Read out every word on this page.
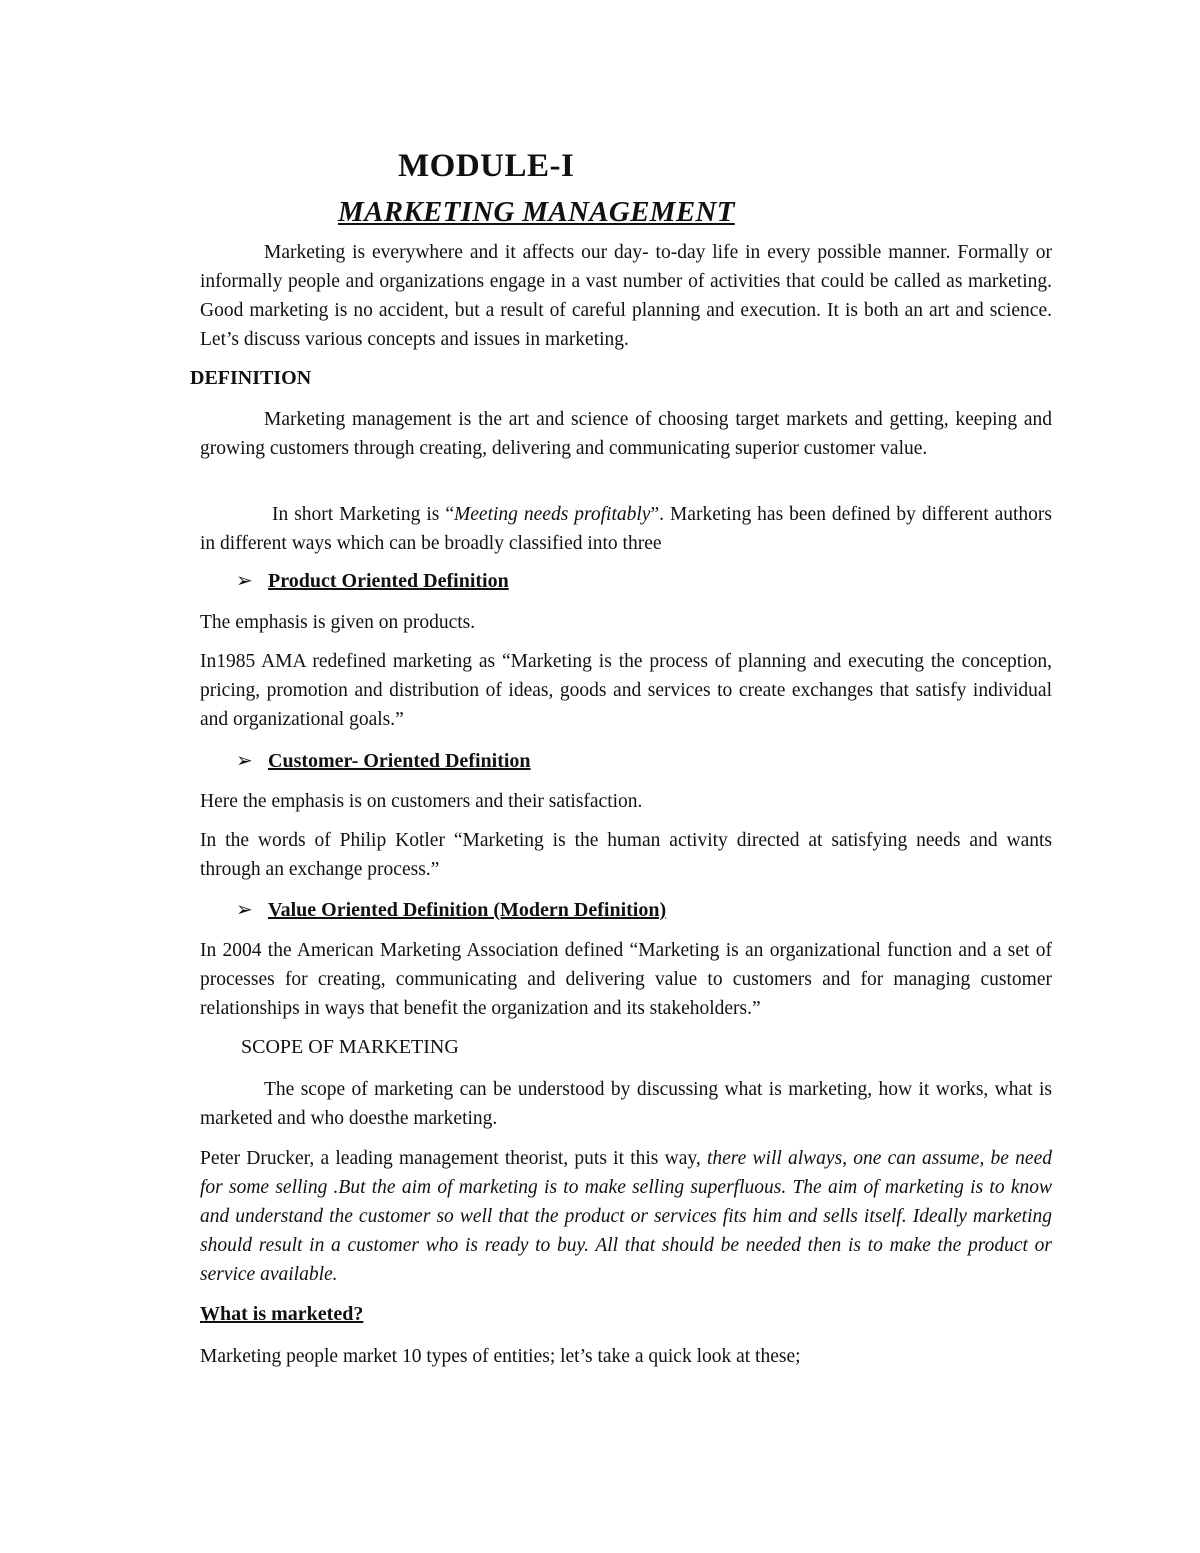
MODULE-I
MARKETING MANAGEMENT

Marketing is everywhere and it affects our day- to-day life in every possible manner. Formally or informally people and organizations engage in a vast number of activities that could be called as marketing. Good marketing is no accident, but a result of careful planning and execution. It is both an art and science. Let’s discuss various concepts and issues in marketing.

DEFINITION

Marketing management is the art and science of choosing target markets and getting, keeping and growing customers through creating, delivering and communicating superior customer value.

In short Marketing is “Meeting needs profitably”. Marketing has been defined by different authors in different ways which can be broadly classified into three

➢ Product Oriented Definition

The emphasis is given on products.

In1985 AMA redefined marketing as “Marketing is the process of planning and executing the conception, pricing, promotion and distribution of ideas, goods and services to create exchanges that satisfy individual and organizational goals.”

➢ Customer- Oriented Definition

Here the emphasis is on customers and their satisfaction.

In the words of Philip Kotler “Marketing is the human activity directed at satisfying needs and wants through an exchange process.”

➢ Value Oriented Definition (Modern Definition)

In 2004 the American Marketing Association defined “Marketing is an organizational function and a set of processes for creating, communicating and delivering value to customers and for managing customer relationships in ways that benefit the organization and its stakeholders.”

SCOPE OF MARKETING

The scope of marketing can be understood by discussing what is marketing, how it works, what is marketed and who doesthe marketing.

Peter Drucker, a leading management theorist, puts it this way, there will always, one can assume, be need for some selling .But the aim of marketing is to make selling superfluous. The aim of marketing is to know and understand the customer so well that the product or services fits him and sells itself. Ideally marketing should result in a customer who is ready to buy. All that should be needed then is to make the product or service available.

What is marketed?

Marketing people market 10 types of entities; let’s take a quick look at these;
